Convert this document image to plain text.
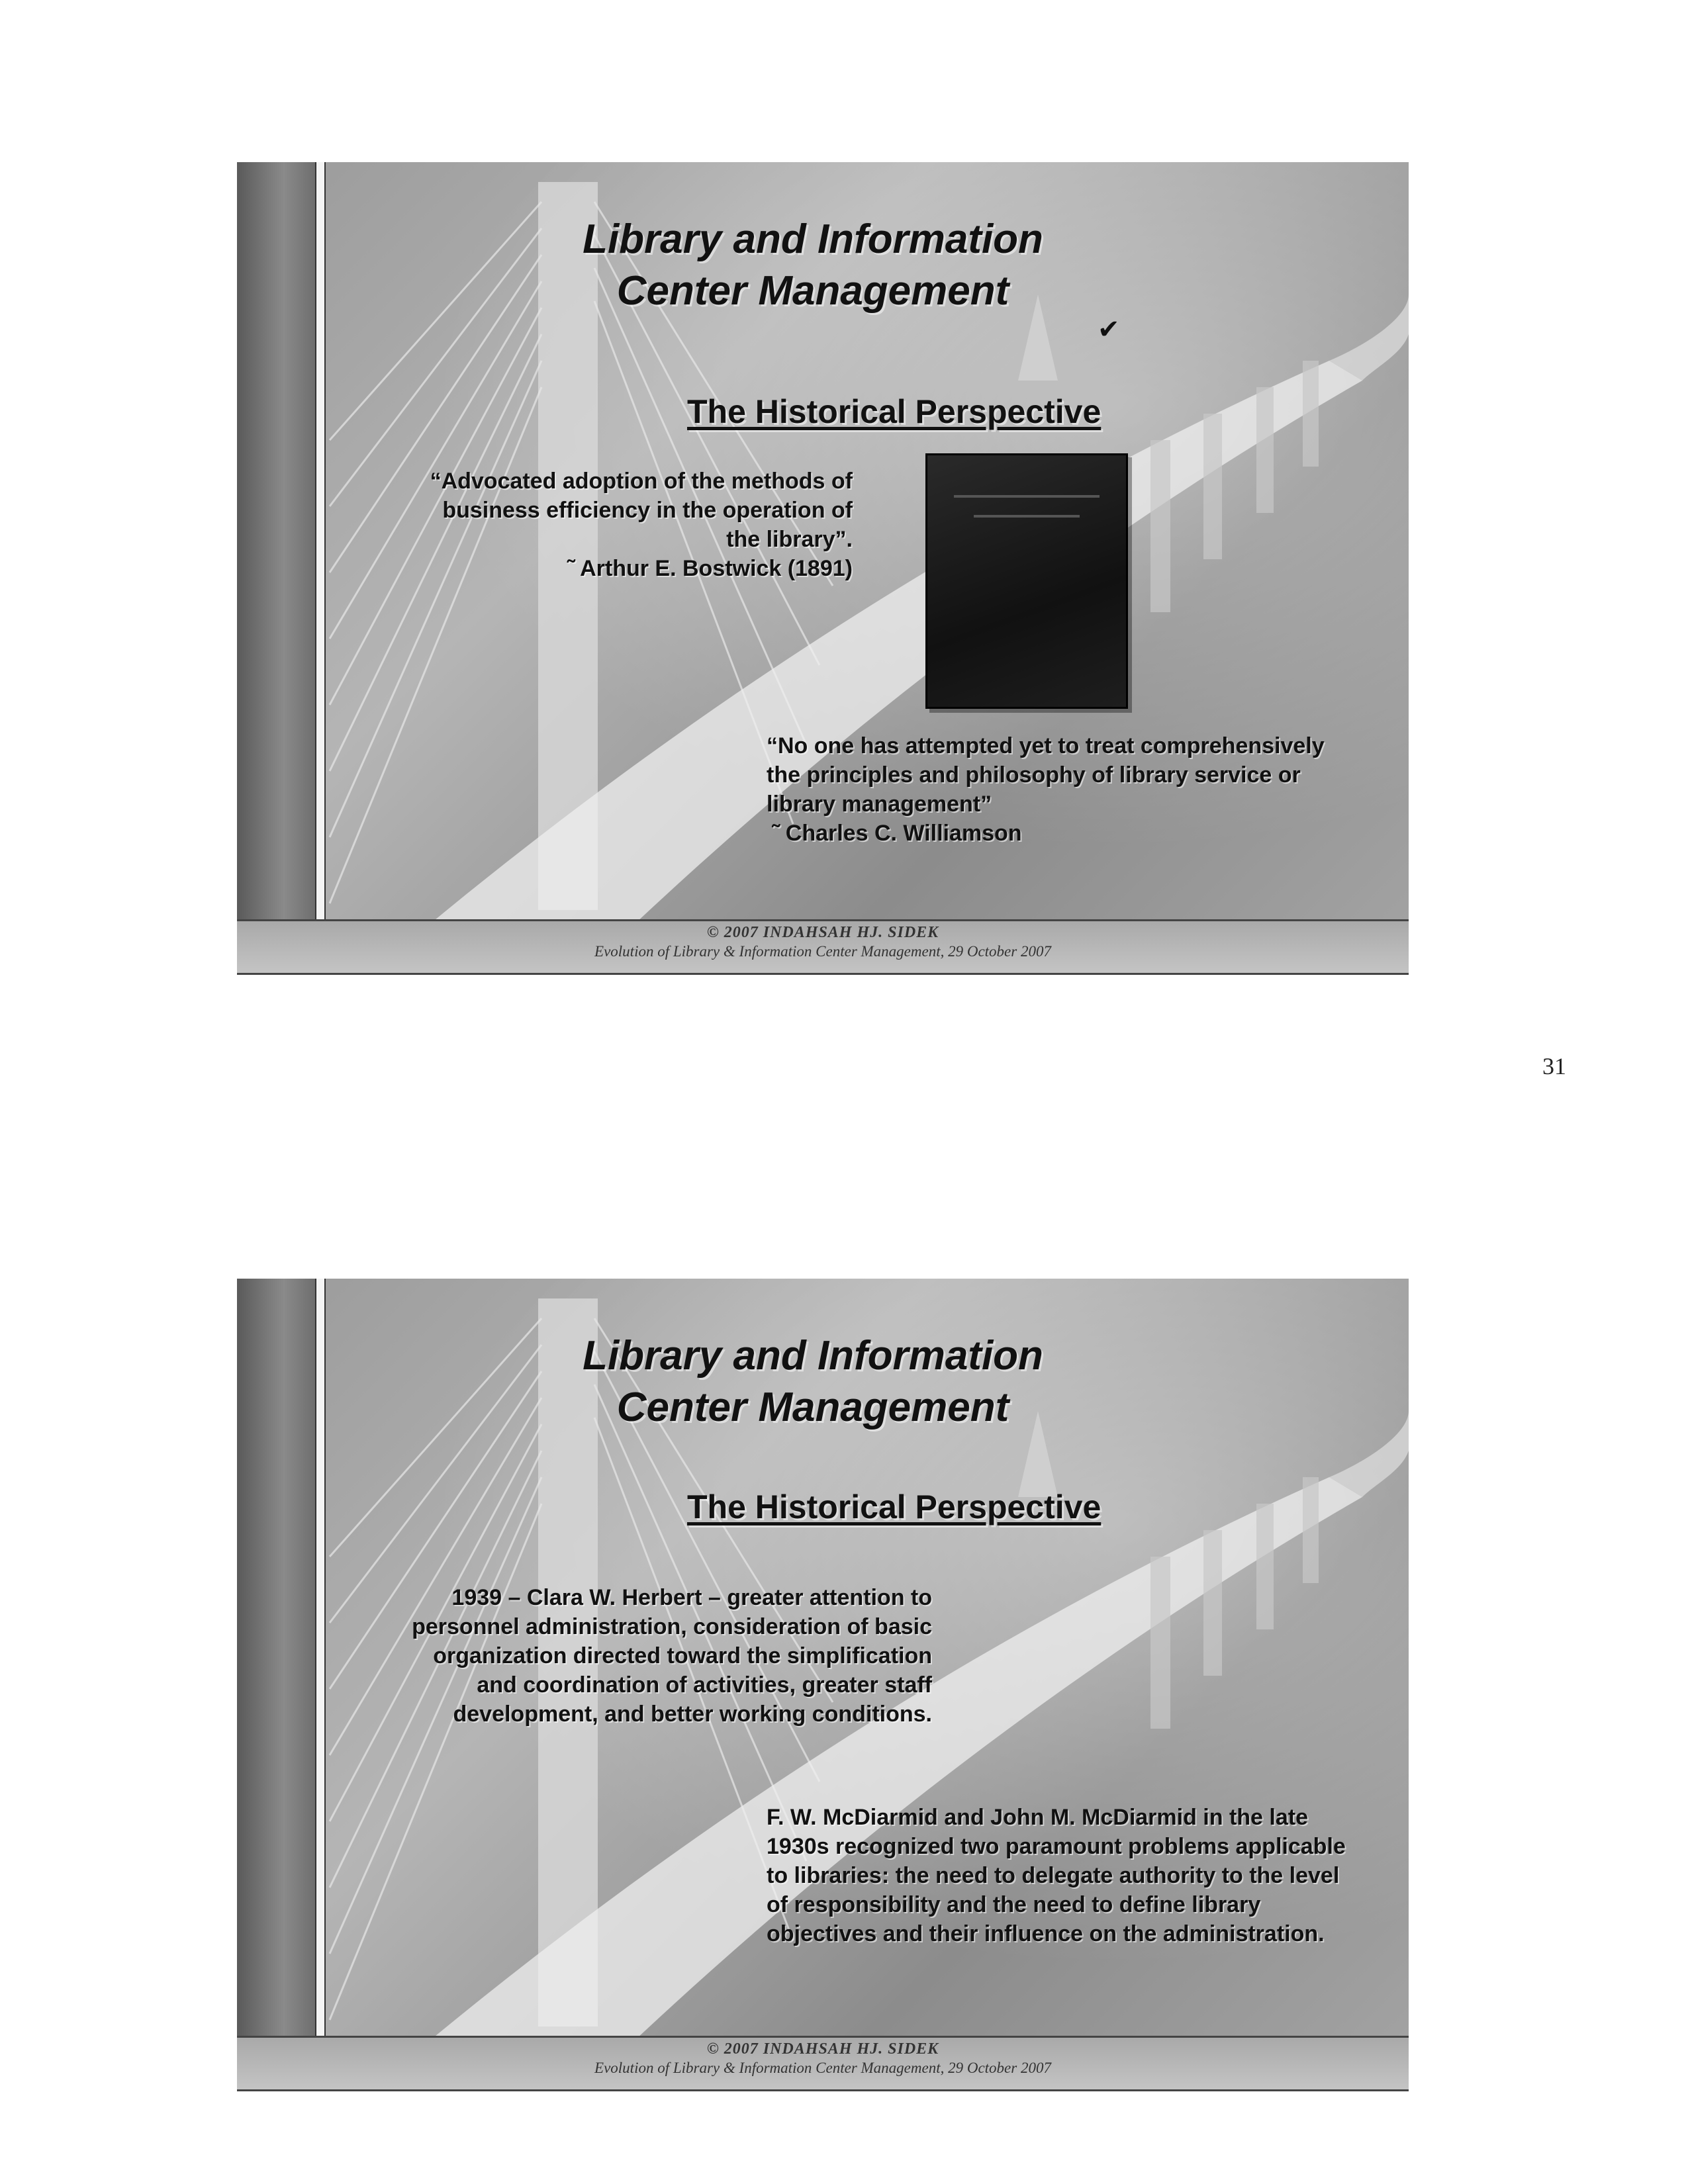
Library and Information
Center Management
✔
The Historical Perspective
“Advocated adoption of the methods of
business efficiency in the operation of
the library”.
˜ Arthur E. Bostwick (1891)
“No one has attempted yet to treat comprehensively
the principles and philosophy of library service or
library management”
˜ Charles C. Williamson
© 2007 INDAHSAH HJ. SIDEK
Evolution of Library & Information Center Management, 29 October 2007
31
Library and Information
Center Management
The Historical Perspective
1939 – Clara W. Herbert – greater attention to
personnel administration, consideration of basic
organization directed toward the simplification
and coordination of activities, greater staff
development, and better working conditions.
F. W. McDiarmid and John M. McDiarmid in the late
1930s recognized two paramount problems applicable
to libraries: the need to delegate authority to the level
of responsibility and the need to define library
objectives and their influence on the administration.
© 2007 INDAHSAH HJ. SIDEK
Evolution of Library & Information Center Management, 29 October 2007
